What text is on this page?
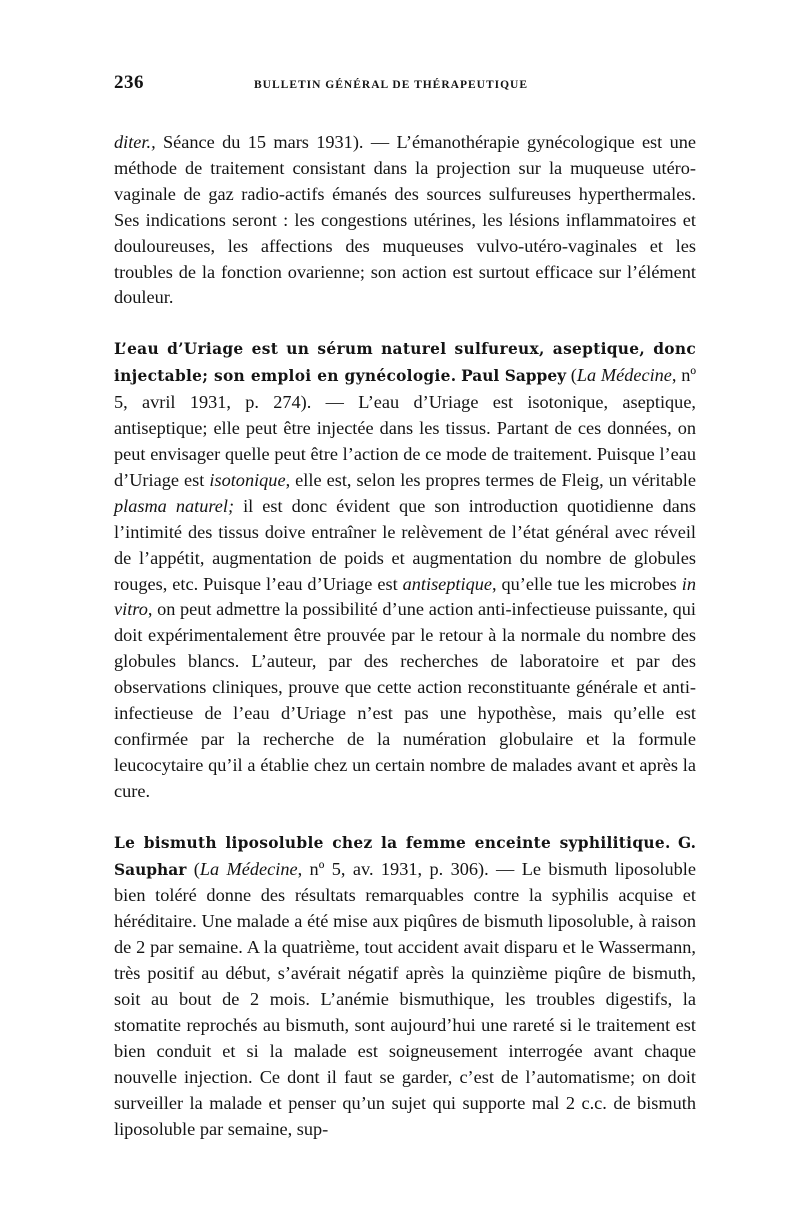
236	BULLETIN GÉNÉRAL DE THÉRAPEUTIQUE

diter., Séance du 15 mars 1931). — L’émanothérapie gynécologique est une méthode de traitement consistant dans la projection sur la muqueuse utéro-vaginale de gaz radio-actifs émanés des sources sulfureuses hyperthermales. Ses indications seront : les congestions utérines, les lésions inflammatoires et douloureuses, les affections des muqueuses vulvo-utéro-vaginales et les troubles de la fonction ovarienne; son action est surtout efficace sur l’élément douleur.

L’eau d’Uriage est un sérum naturel sulfureux, aseptique, donc injectable; son emploi en gynécologie. Paul Sappey (La Médecine, nº 5, avril 1931, p. 274). — L’eau d’Uriage est isotonique, aseptique, antiseptique; elle peut être injectée dans les tissus. Partant de ces données, on peut envisager quelle peut être l’action de ce mode de traitement. Puisque l’eau d’Uriage est isotonique, elle est, selon les propres termes de Fleig, un véritable plasma naturel; il est donc évident que son introduction quotidienne dans l’intimité des tissus doive entraîner le relèvement de l’état général avec réveil de l’appétit, augmentation de poids et augmentation du nombre de globules rouges, etc. Puisque l’eau d’Uriage est antiseptique, qu’elle tue les microbes in vitro, on peut admettre la possibilité d’une action anti-infectieuse puissante, qui doit expérimentalement être prouvée par le retour à la normale du nombre des globules blancs. L’auteur, par des recherches de laboratoire et par des observations cliniques, prouve que cette action reconstituante générale et anti-infectieuse de l’eau d’Uriage n’est pas une hypothèse, mais qu’elle est confirmée par la recherche de la numération globulaire et la formule leucocytaire qu’il a établie chez un certain nombre de malades avant et après la cure.

Le bismuth liposoluble chez la femme enceinte syphilitique. G. Sauphar (La Médecine, nº 5, av. 1931, p. 306). — Le bismuth liposoluble bien toléré donne des résultats remarquables contre la syphilis acquise et héréditaire. Une malade a été mise aux piqûres de bismuth liposoluble, à raison de 2 par semaine. A la quatrième, tout accident avait disparu et le Wassermann, très positif au début, s’avérait négatif après la quinzième piqûre de bismuth, soit au bout de 2 mois. L’anémie bismuthique, les troubles digestifs, la stomatite reprochés au bismuth, sont aujourd’hui une rareté si le traitement est bien conduit et si la malade est soigneusement interrogée avant chaque nouvelle injection. Ce dont il faut se garder, c’est de l’automatisme; on doit surveiller la malade et penser qu’un sujet qui supporte mal 2 c.c. de bismuth liposoluble par semaine, sup-
